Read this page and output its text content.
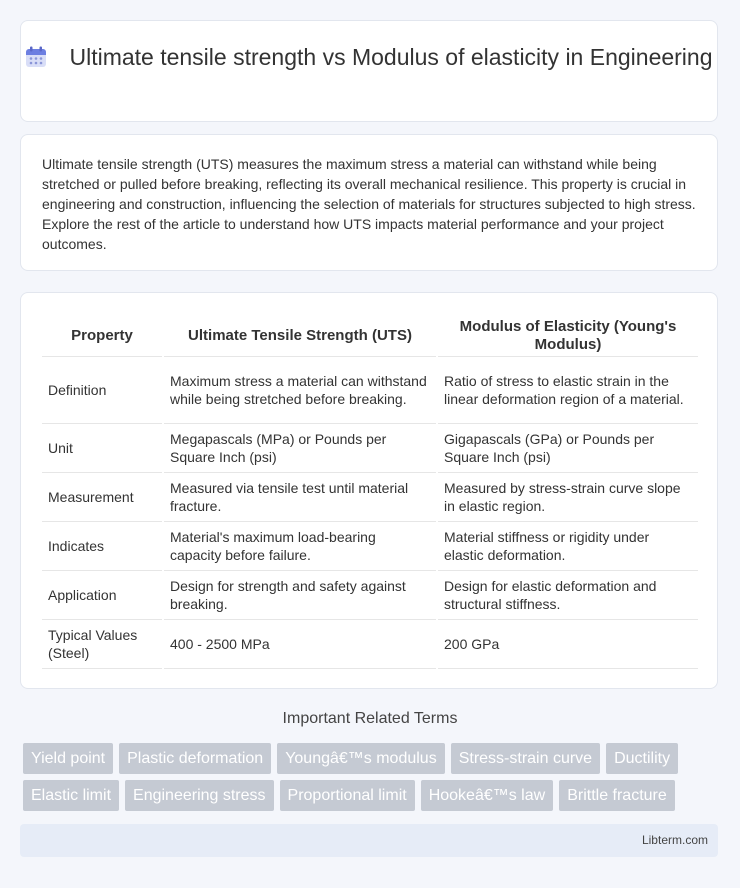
Ultimate tensile strength vs Modulus of elasticity in Engineering

Ultimate tensile strength (UTS) measures the maximum stress a material can withstand while being stretched or pulled before breaking, reflecting its overall mechanical resilience. This property is crucial in engineering and construction, influencing the selection of materials for structures subjected to high stress. Explore the rest of the article to understand how UTS impacts material performance and your project outcomes.

Property	Ultimate Tensile Strength (UTS)	Modulus of Elasticity (Young's Modulus)
Definition	Maximum stress a material can withstand while being stretched before breaking.	Ratio of stress to elastic strain in the linear deformation region of a material.
Unit	Megapascals (MPa) or Pounds per Square Inch (psi)	Gigapascals (GPa) or Pounds per Square Inch (psi)
Measurement	Measured via tensile test until material fracture.	Measured by stress-strain curve slope in elastic region.
Indicates	Material's maximum load-bearing capacity before failure.	Material stiffness or rigidity under elastic deformation.
Application	Design for strength and safety against breaking.	Design for elastic deformation and structural stiffness.
Typical Values (Steel)	400 - 2500 MPa	200 GPa
Important Related Terms
Yield point	Plastic deformation	Youngâ€™s modulus	Stress-strain curve	Ductility
Elastic limit	Engineering stress	Proportional limit	Hookeâ€™s law	Brittle fracture
Libterm.com
